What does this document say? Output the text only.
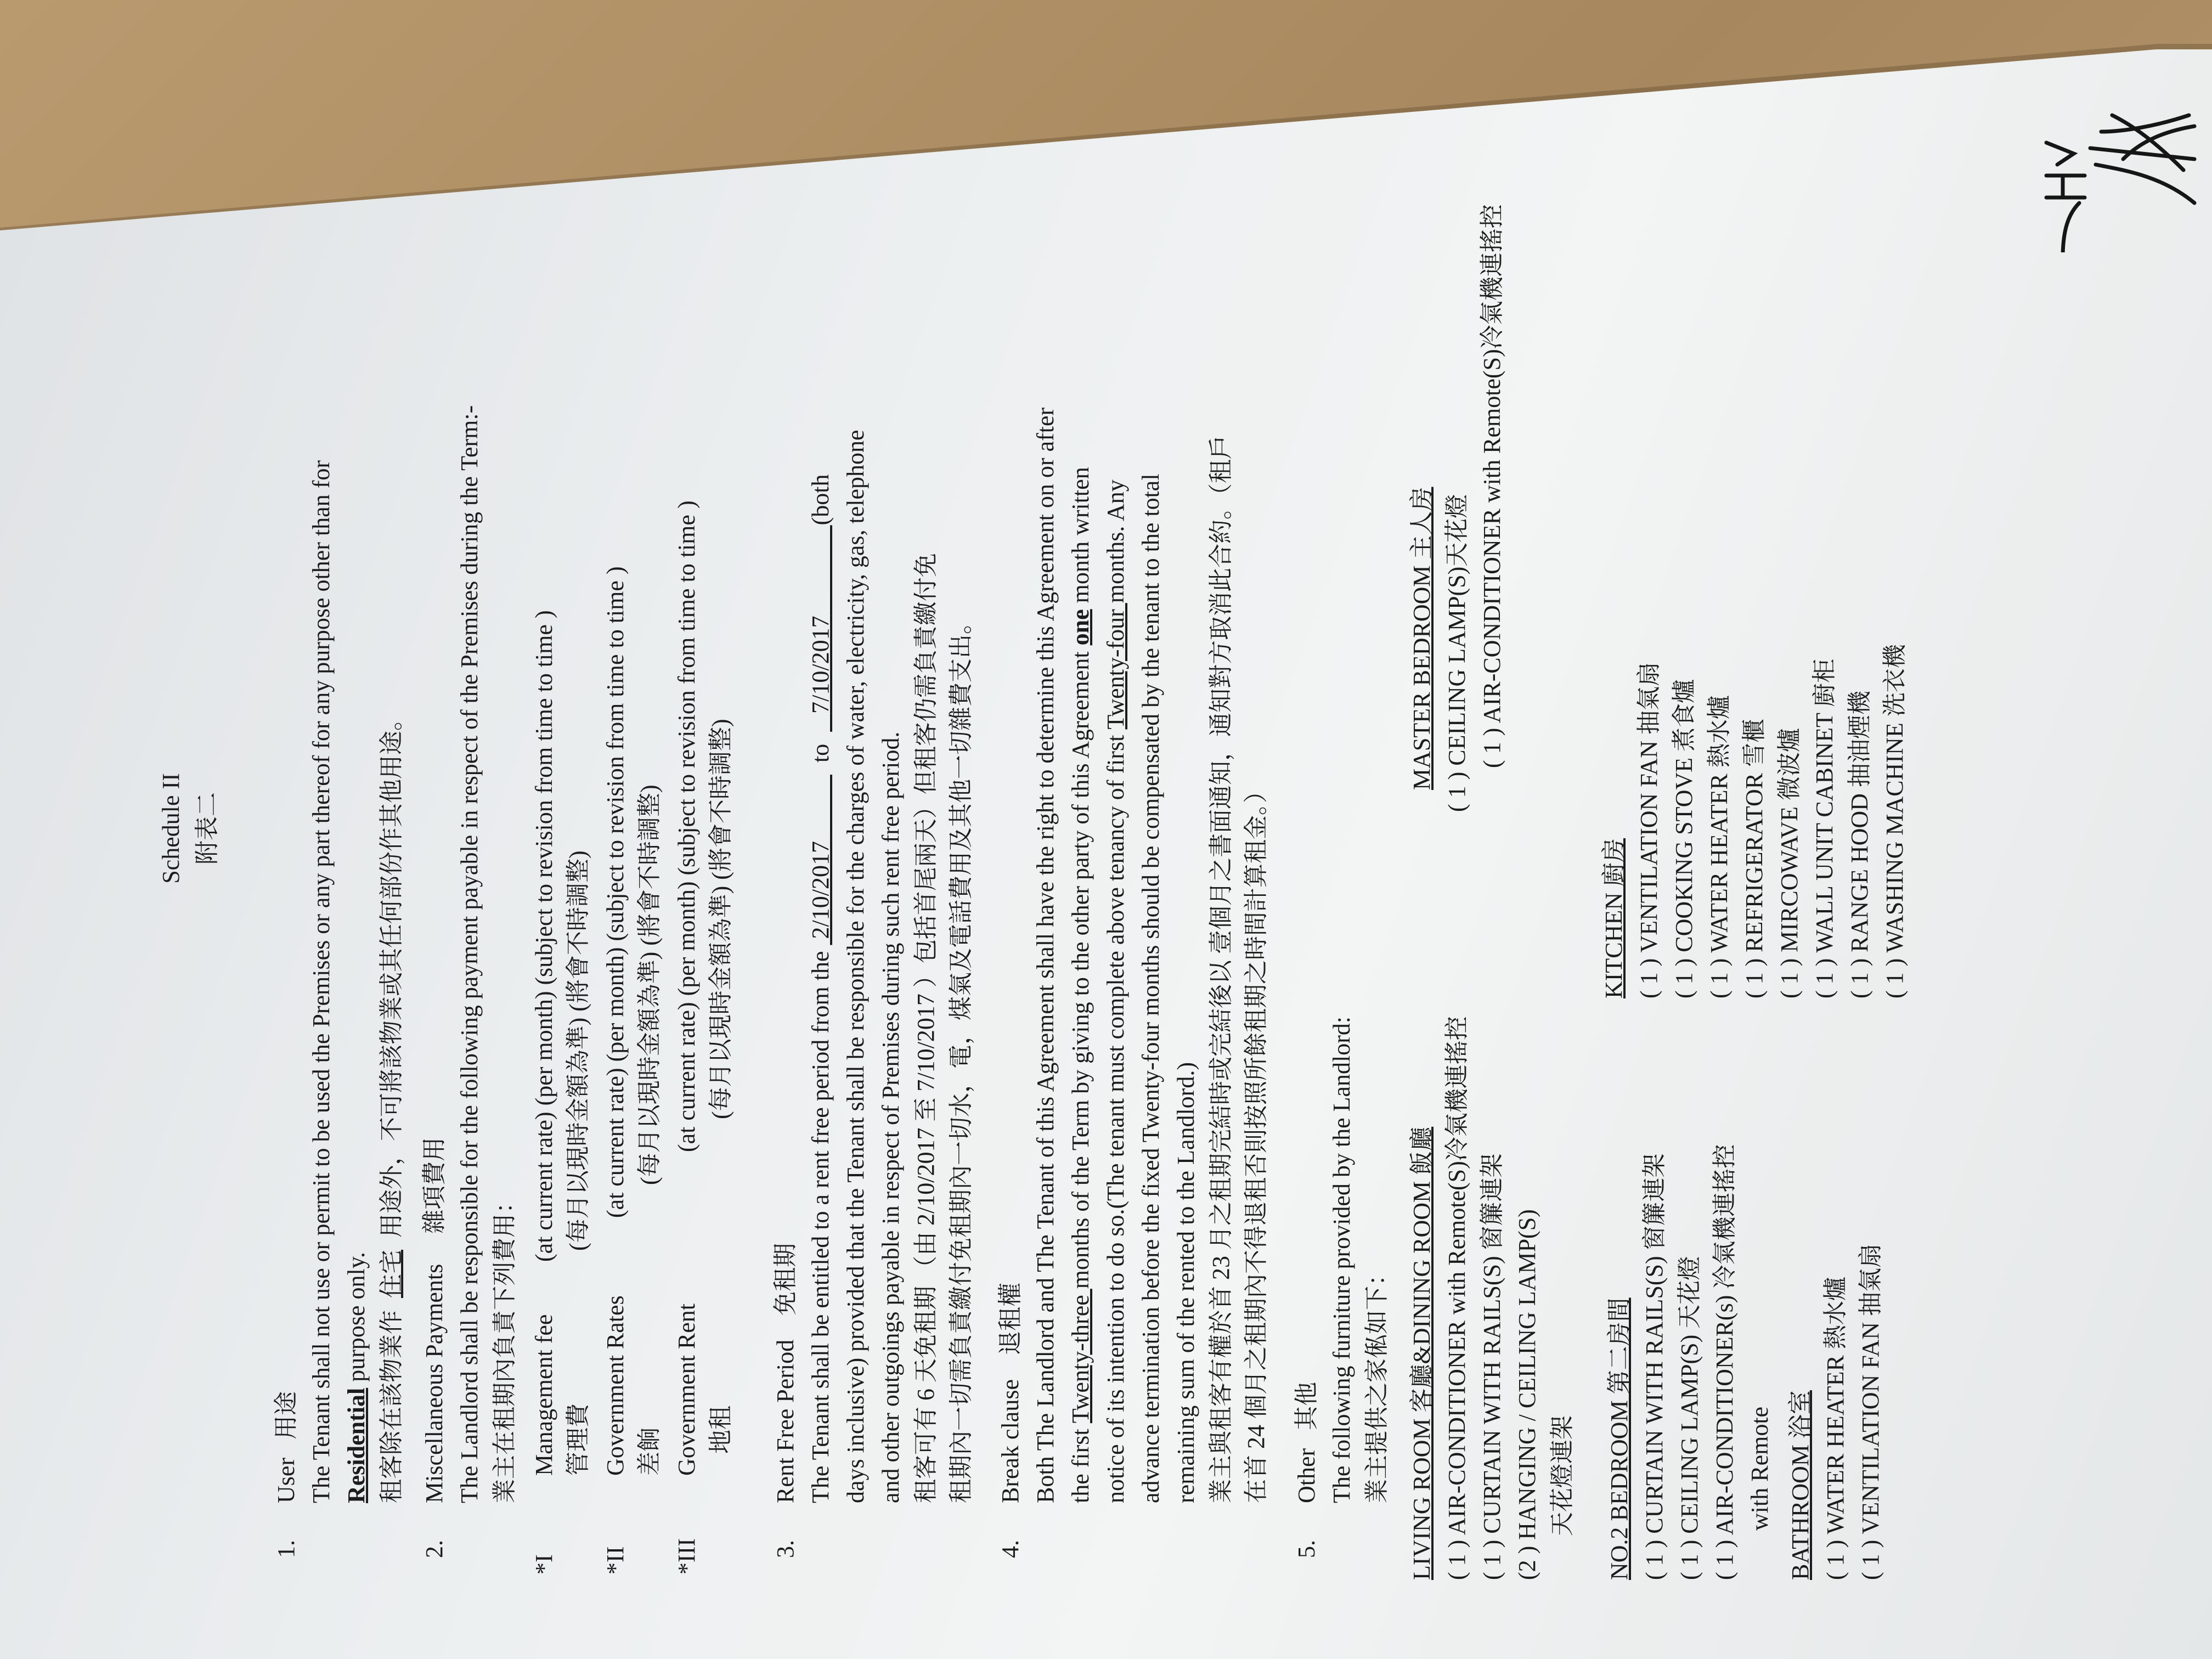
Schedule II 附表二
1.
User   用途 The Tenant shall not use or permit to be used the Premises or any part thereof for any purpose other than for Residential purpose only. 租客除在該物業作  住宅  用途外，不可將該物業或其任何部份作其他用途。
2.
Miscellaneous Payments     雜項費用 The Landlord shall be responsible for the following payment payable in respect of the Premises during the Term:- 業主在租期內負責下列費用：
*I
Management fee 管理費
(at current rate) (per month) (subject to revision from time to time ) (每月以現時金額為準) (將會不時調整)
*II
Government Rates 差餉
(at current rate) (per month) (subject to revision from time to time ) (每月以現時金額為準) (將會不時調整)
*III
Government Rent 地租
(at current rate) (per month) (subject to revision from time to time ) (每月以現時金額為準) (將會不時調整)
3.
Rent Free Period    免租期 The Tenant shall be entitled to a rent free period from the  2/10/2017             to     7/10/2017               (both days inclusive) provided that the Tenant shall be responsible for the charges of water, electricity, gas, telephone and other outgoings payable in respect of Premises during such rent free period. 租客可有 6 天免租期 （由 2/10/2017 至 7/10/2017 ）包括首尾兩天）但租客仍需負責繳付免 租期內一切需負責繳付免租期內一切水，電，煤氣及電話費用及其他一切雜費支出。
4.
Break clause    退租權 Both The Landlord and The Tenant of this Agreement shall have the right to determine this Agreement on or after the first Twenty-three months of the Term by giving to the other party of this Agreement one month written
notice of its intention to do so.(The tenant must complete above tenancy of first Twenty-four months. Any advance termination before the fixed Twenty-four months should be compensated by the tenant to the total remaining sum of the rented to the Landlord.) 業主與租客有權於首 23 月之租期完結時或完結後以 壹個月之書面通知，通知對方取消此合約。（租戶 在首 24 個月之租期內不得退租否則按照所餘租期之時間計算租金。）
5.
Other   其他 The following furniture provided by the Landlord: 業主提供之家俬如下： LIVING ROOM 客廳&DINING ROOM 飯廳 ( 1 ) AIR-CONDITIONER with Remote(S)冷氣機連搖控 ( 1 ) CURTAIN WITH RAILS(S) 窗簾連架 (2 ) HANGING / CEILING LAMP(S) 天花燈連架
MASTER BEDROOM 主人房 ( 1 ) CEILING LAMP(S)天花燈 ( 1 ) AIR-CONDITIONER with Remote(S)冷氣機連搖控
NO.2 BEDROOM 第二房間 ( 1 ) CURTAIN WITH RAILS(S) 窗簾連架 ( 1 ) CEILING LAMP(S) 天花燈 ( 1 ) AIR-CONDITIONER(s) 冷氣機連搖控 with Remote BATHROOM 浴室 ( 1 ) WATER HEATER 熱水爐 ( 1 ) VENTILATION FAN 抽氣扇
KITCHEN 廚房 ( 1 ) VENTILATION FAN 抽氣扇 ( 1 ) COOKING STOVE 煮食爐 ( 1 ) WATER HEATER 熱水爐 ( 1 ) REFRIGERATOR 雪櫃 ( 1 ) MIRCOWAVE 微波爐 ( 1 ) WALL UNIT CABINET 廚柜 ( 1 ) RANGE HOOD 抽油煙機 ( 1 ) WASHING MACHINE 洗衣機
